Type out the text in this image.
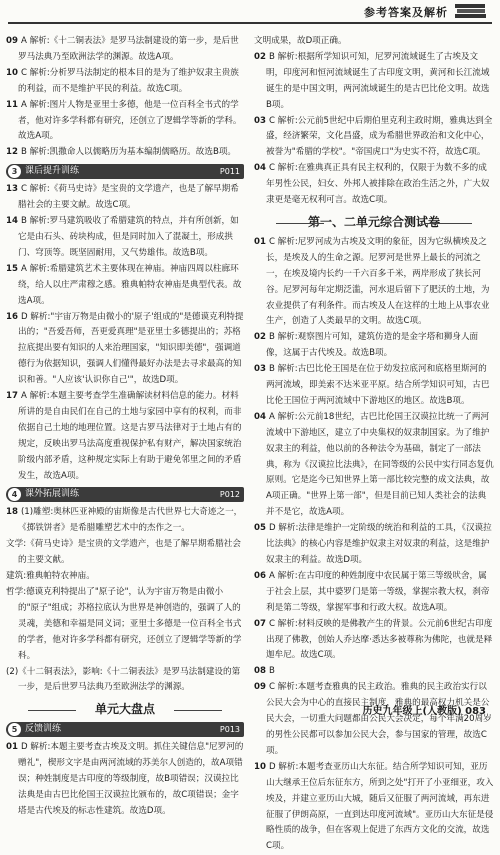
参考答案及解析

09 A 解析:《十二铜表法》是罗马法制建设的第一步，是后世罗马法典乃至欧洲法学的渊源。故选A项。

10 C 解析:分析罗马法制定的根本目的是为了维护奴隶主贵族的利益，而不是维护平民的利益。故选C项。

11 A 解析:图片人物是亚里士多德，他是一位百科全书式的学者，他对许多学科都有研究，还创立了逻辑学等新的学科。故选A项。

12 B 解析:凯撒命人以儒略历为基本编制儒略历。故选B项。

3 课后提升训练	P011

13 C 解析:《荷马史诗》是宝贵的文学遗产，也是了解早期希腊社会的主要文献。故选C项。

14 B 解析:罗马建筑吸收了希腊建筑的特点，并有所创新，如它是由石头、砖块构成，但是同时加入了混凝土，形成拱门、穹顶等。既坚固耐用，又气势雄伟。故选B项。

15 A 解析:希腊建筑艺术主要体现在神庙。神庙四周以柱廊环绕，给人以庄严肃穆之感。雅典帕特农神庙是典型代表。故选A项。

16 D 解析:"宇宙万物是由微小的'原子'组成的"是德谟克利特提出的；"吾爱吾师，吾更爱真理"是亚里士多德提出的；苏格拉底提出要有知识的人来治理国家，"知识即美德"，强调道德行为依据知识，强调人们懂得最好办法是去寻求最高的知识和善。"人应该'认识你自己'"，故选D项。

17 A 解析:本题主要考查学生准确解读材料信息的能力。材料所讲的是自由民们在自己的土地与家园中享有的权利，而非依据自己土地的地理位置。这是古罗马法律对于土地占有的规定，反映出罗马法高度重视保护私有财产，解决国家统治阶级内部矛盾，这种规定实际上有助于避免邻里之间的矛盾发生，故选A项。

4 课外拓展训练	P012

18 (1)雕塑:奥林匹亚神殿的宙斯像是古代世界七大奇迹之一，《掷铁饼者》是希腊雕塑艺术中的杰作之一。

文学:《荷马史诗》是宝贵的文学遗产，也是了解早期希腊社会的主要文献。

建筑:雅典帕特农神庙。

哲学:德谟克利特提出了"原子论"，认为宇宙万物是由微小的"原子"组成；苏格拉底认为世界是神创造的，强调了人的灵魂，美德和幸福是同义词；亚里士多德是一位百科全书式的学者，他对许多学科都有研究，还创立了逻辑学等新的学科。

(2)《十二铜表法》，影响:《十二铜表法》是罗马法制建设的第一步，是后世罗马法典乃至欧洲法学的渊源。

单元大盘点
5 反馈训练	P013

01 D 解析:本题主要考查古埃及文明。抓住关键信息"尼罗河的赠礼"，楔形文字是由两河流域的苏美尔人创造的，故A项错误；种姓制度是古印度的等级制度，故B项错误；汉谟拉比法典是由古巴比伦国王汉谟拉比颁布的，故C项错误；金字塔是古代埃及的标志性建筑。故选D项。

文明成果，故D项正确。

02 B 解析:根据所学知识可知，尼罗河流域诞生了古埃及文明，印度河和恒河流域诞生了古印度文明，黄河和长江流域诞生的是中国文明，两河流域诞生的是古巴比伦文明。故选B项。

03 C 解析:公元前5世纪中后期伯里克利主政时期，雅典达到全盛，经济繁荣，文化昌盛，成为希腊世界政治和文化中心，被誉为"希腊的学校"。"帝国虎口"为史实不符，故选C项。

04 C 解析:在雅典真正具有民主权利的，仅限于为数不多的成年男性公民，妇女、外邦人被排除在政治生活之外，广大奴隶更是毫无权利可言。故选C项。

第一、二单元综合测试卷

01 C 解析:尼罗河成为古埃及文明的象征，因为它纵横埃及之长，是埃及人的生命之源。尼罗河是世界上最长的河流之一，在埃及境内长约一千六百多千米，两岸形成了狭长河谷。尼罗河每年定期泛滥，河水退后留下了肥沃的土地，为农业提供了有利条件。而古埃及人在这样的土地上从事农业生产，创造了人类最早的文明。故选C项。

02 B 解析:观察图片可知，建筑仿造的是金字塔和狮身人面像，这属于古代埃及。故选B项。

03 B 解析:古巴比伦王国是在位于幼发拉底河和底格里斯河的两河流域，即美索不达米亚平原。结合所学知识可知，古巴比伦王国位于两河流域中下游地区的地区。故选B项。

04 A 解析:公元前18世纪，古巴比伦国王汉谟拉比统一了两河流域中下游地区，建立了中央集权的奴隶制国家。为了维护奴隶主的利益，他以前的各种法令为基础，制定了一部法典，称为《汉谟拉比法典》，在同等级的公民中实行同态复仇原则。它是迄今已知世界上第一部比较完整的成文法典，故A项正确。"世界上第一部"，但是目前已知人类社会的法典并不是它，故选A项。

05 D 解析:法律是维护一定阶级的统治和利益的工具，《汉谟拉比法典》的核心内容是维护奴隶主对奴隶的利益，这是维护奴隶主的利益。故选D项。

06 A 解析:在古印度的种姓制度中农民属于第三等级吠舍，属于社会上层，其中婆罗门是第一等级，掌握宗教大权，刹帝利是第二等级，掌握军事和行政大权。故选A项。

07 C 解析:材料反映的是佛教产生的背景。公元前6世纪古印度出现了佛教，创始人乔达摩·悉达多被尊称为佛陀，也就是释迦牟尼。故选C项。

08 B

09 C 解析:本题考查雅典的民主政治。雅典的民主政治实行以公民大会为中心的直接民主制度，雅典的最高权力机关是公民大会，一切重大问题都由公民大会决定，每个年满20周岁的男性公民都可以参加公民大会，参与国家的管理，故选C项。

10 D 解析:本题考查亚历山大东征。结合所学知识可知，亚历山大继承王位后东征东方，所到之处"打开了小亚细亚，攻入埃及，并建立亚历山大城，随后又征服了两河流域，再东进征服了伊朗高原，一直到达印度河流域"。亚历山大东征是侵略性质的战争，但在客观上促进了东西方文化的交流，故选C项。

历史九年级上(人教版) 083
